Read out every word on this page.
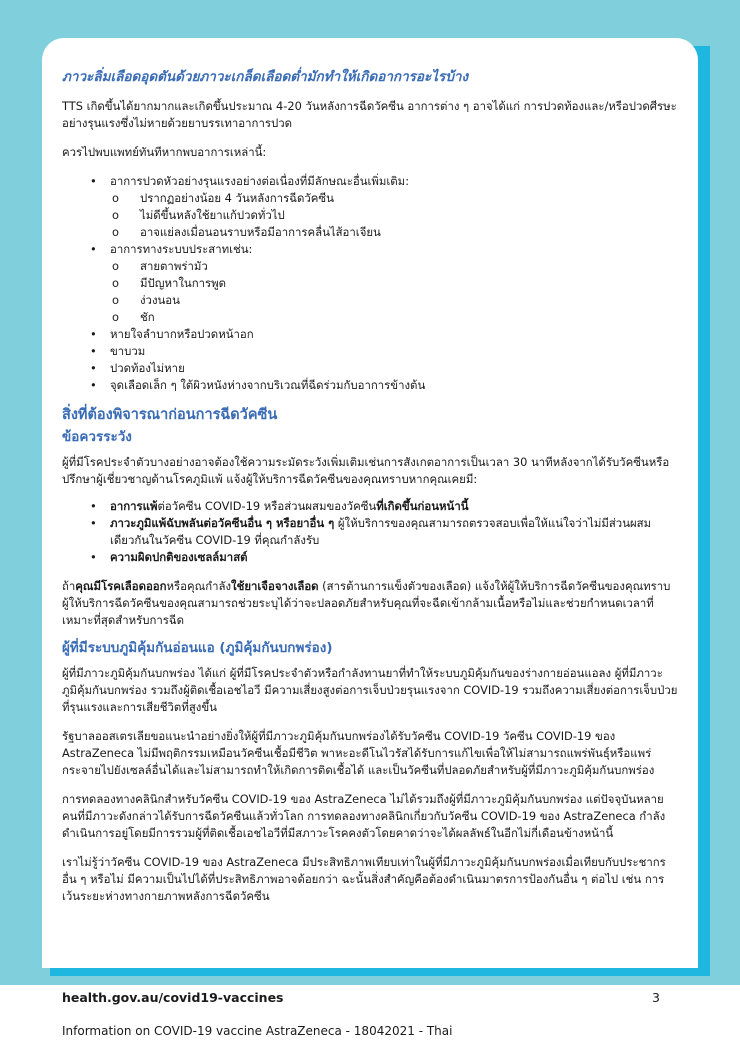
ภาวะลิ่มเลือดอุดตันด้วยภาวะเกล็ดเลือดต่ำมักทำให้เกิดอาการอะไรบ้าง

TTS เกิดขึ้นได้ยากมากและเกิดขึ้นประมาณ 4-20 วันหลังการฉีดวัคซีน อาการต่าง ๆ อาจได้แก่ การปวดท้องและ/หรือปวดศีรษะอย่างรุนแรงซึ่งไม่หายด้วยยาบรรเทาอาการปวด

ควรไปพบแพทย์ทันทีหากพบอาการเหล่านี้:

• อาการปวดหัวอย่างรุนแรงอย่างต่อเนื่องที่มีลักษณะอื่นเพิ่มเติม:
o ปรากฏอย่างน้อย 4 วันหลังการฉีดวัคซีน
o ไม่ดีขึ้นหลังใช้ยาแก้ปวดทั่วไป
o อาจแย่ลงเมื่อนอนราบหรือมีอาการคลื่นไส้อาเจียน
• อาการทางระบบประสาทเช่น:
o สายตาพร่ามัว
o มีปัญหาในการพูด
o ง่วงนอน
o ชัก
• หายใจลำบากหรือปวดหน้าอก
• ขาบวม
• ปวดท้องไม่หาย
• จุดเลือดเล็ก ๆ ใต้ผิวหนังห่างจากบริเวณที่ฉีดร่วมกับอาการข้างต้น
สิ่งที่ต้องพิจารณาก่อนการฉีดวัคซีน
ข้อควรระวัง

ผู้ที่มีโรคประจำตัวบางอย่างอาจต้องใช้ความระมัดระวังเพิ่มเติมเช่นการสังเกตอาการเป็นเวลา 30 นาทีหลังจากได้รับวัคซีนหรือปรึกษาผู้เชี่ยวชาญด้านโรคภูมิแพ้ แจ้งผู้ให้บริการฉีดวัคซีนของคุณทราบหากคุณเคยมี:

• อาการแพ้ต่อวัคซีน COVID-19 หรือส่วนผสมของวัคซีนที่เกิดขึ้นก่อนหน้านี้
• ภาวะภูมิแพ้ฉับพลันต่อวัคซีนอื่น ๆ หรือยาอื่น ๆ ผู้ให้บริการของคุณสามารถตรวจสอบเพื่อให้แน่ใจว่าไม่มีส่วนผสมเดียวกันในวัคซีน COVID-19 ที่คุณกำลังรับ
• ความผิดปกติของเซลล์มาสต์

ถ้าคุณมีโรคเลือดออกหรือคุณกำลังใช้ยาเจือจางเลือด (สารต้านการแข็งตัวของเลือด) แจ้งให้ผู้ให้บริการฉีดวัคซีนของคุณทราบ ผู้ให้บริการฉีดวัคซีนของคุณสามารถช่วยระบุได้ว่าจะปลอดภัยสำหรับคุณที่จะฉีดเข้ากล้ามเนื้อหรือไม่และช่วยกำหนดเวลาที่เหมาะที่สุดสำหรับการฉีด

ผู้ที่มีระบบภูมิคุ้มกันอ่อนแอ (ภูมิคุ้มกันบกพร่อง)

ผู้ที่มีภาวะภูมิคุ้มกันบกพร่อง ได้แก่ ผู้ที่มีโรคประจำตัวหรือกำลังทานยาที่ทำให้ระบบภูมิคุ้มกันของร่างกายอ่อนแอลง ผู้ที่มีภาวะภูมิคุ้มกันบกพร่อง รวมถึงผู้ติดเชื้อเอชไอวี มีความเสี่ยงสูงต่อการเจ็บป่วยรุนแรงจาก COVID-19 รวมถึงความเสี่ยงต่อการเจ็บป่วยที่รุนแรงและการเสียชีวิตที่สูงขึ้น

รัฐบาลออสเตรเลียขอแนะนำอย่างยิ่งให้ผู้ที่มีภาวะภูมิคุ้มกันบกพร่องได้รับวัคซีน COVID-19 วัคซีน COVID-19 ของ AstraZeneca ไม่มีพฤติกรรมเหมือนวัคซีนเชื้อมีชีวิต พาหะอะดีโนไวรัสได้รับการแก้ไขเพื่อให้ไม่สามารถแพร่พันธุ์หรือแพร่กระจายไปยังเซลล์อื่นได้และไม่สามารถทำให้เกิดการติดเชื้อได้ และเป็นวัคซีนที่ปลอดภัยสำหรับผู้ที่มีภาวะภูมิคุ้มกันบกพร่อง

การทดลองทางคลินิกสำหรับวัคซีน COVID-19 ของ AstraZeneca ไม่ได้รวมถึงผู้ที่มีภาวะภูมิคุ้มกันบกพร่อง แต่ปัจจุบันหลายคนที่มีภาวะดังกล่าวได้รับการฉีดวัคซีนแล้วทั่วโลก การทดลองทางคลินิกเกี่ยวกับวัคซีน COVID-19 ของ AstraZeneca กำลังดำเนินการอยู่โดยมีการรวมผู้ที่ติดเชื้อเอชไอวีที่มีสภาวะโรคคงตัวโดยคาดว่าจะได้ผลลัพธ์ในอีกไม่กี่เดือนข้างหน้านี้

เราไม่รู้ว่าวัคซีน COVID-19 ของ AstraZeneca มีประสิทธิภาพเทียบเท่าในผู้ที่มีภาวะภูมิคุ้มกันบกพร่องเมื่อเทียบกับประชากรอื่น ๆ หรือไม่ มีความเป็นไปได้ที่ประสิทธิภาพอาจด้อยกว่า ฉะนั้นสิ่งสำคัญคือต้องดำเนินมาตรการป้องกันอื่น ๆ ต่อไป เช่น การเว้นระยะห่างทางกายภาพหลังการฉีดวัคซีน

health.gov.au/covid19-vaccines	3
Information on COVID-19 vaccine AstraZeneca - 18042021 - Thai
